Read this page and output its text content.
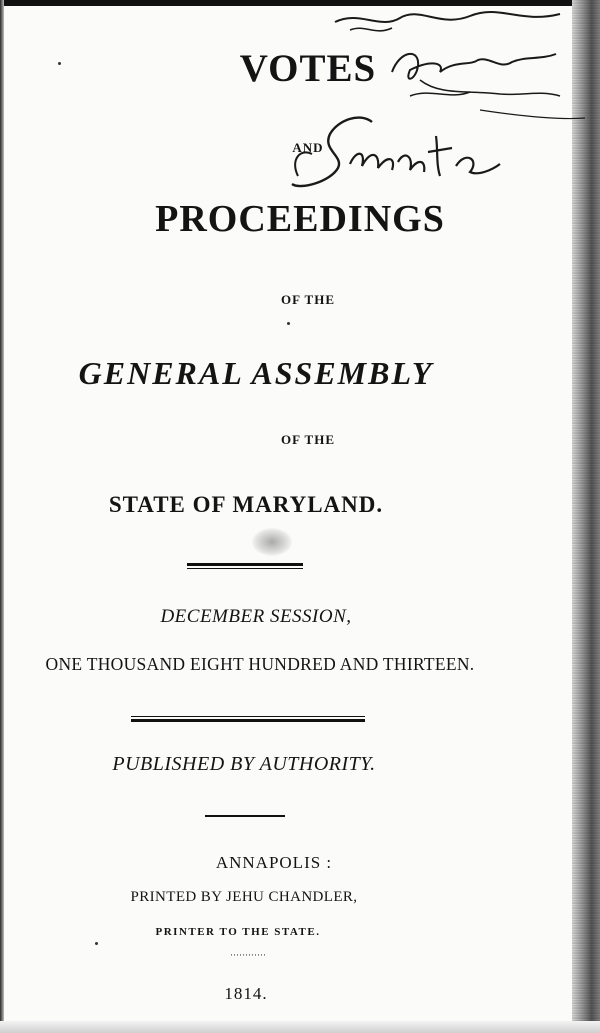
VOTES
AND
PROCEEDINGS
OF THE
GENERAL ASSEMBLY
OF THE
STATE OF MARYLAND.
DECEMBER SESSION,
ONE THOUSAND EIGHT HUNDRED AND THIRTEEN.
PUBLISHED BY AUTHORITY.
ANNAPOLIS :
PRINTED BY JEHU CHANDLER,
PRINTER TO THE STATE.
············
1814.
